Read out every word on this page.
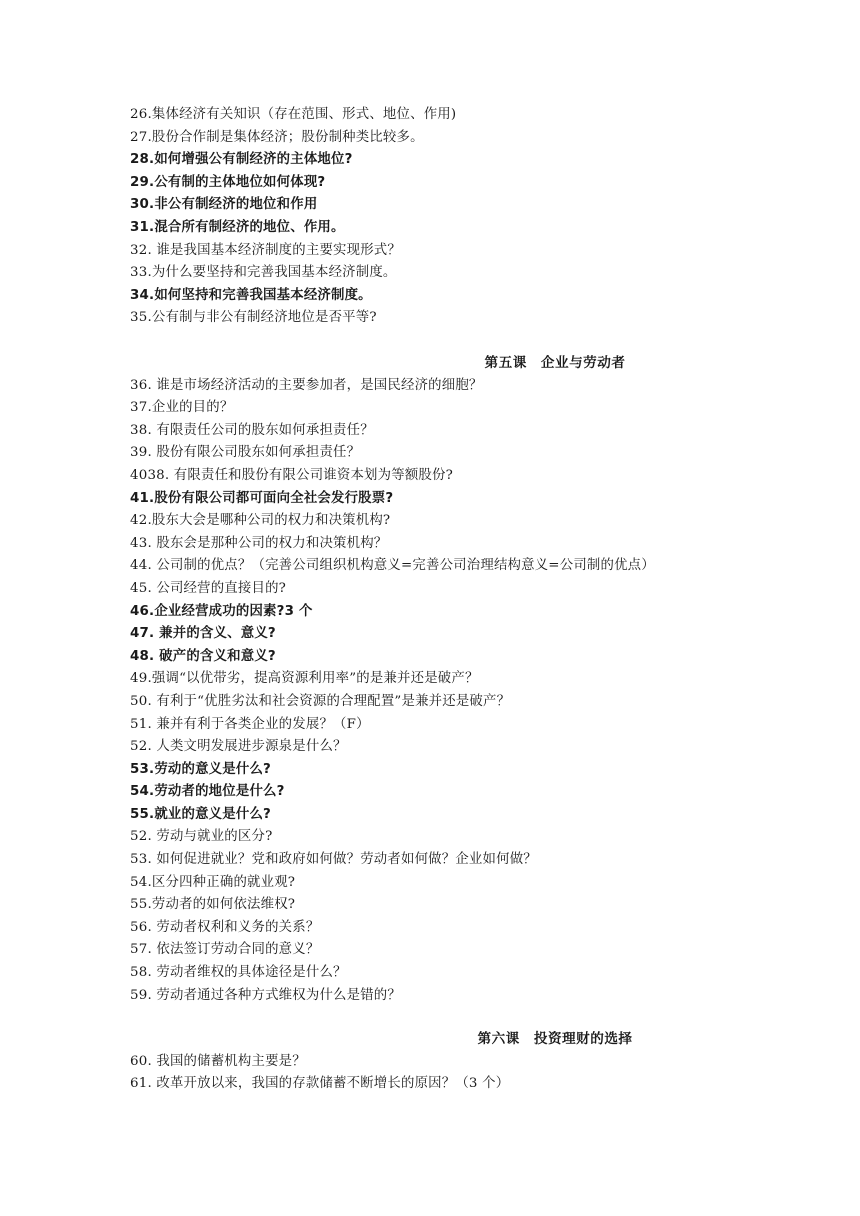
26.集体经济有关知识（存在范围、形式、地位、作用)
27.股份合作制是集体经济；股份制种类比较多。
28.如何增强公有制经济的主体地位?
29.公有制的主体地位如何体现?
30.非公有制经济的地位和作用
31.混合所有制经济的地位、作用。
32. 谁是我国基本经济制度的主要实现形式？
33.为什么要坚持和完善我国基本经济制度。
34.如何坚持和完善我国基本经济制度。
35.公有制与非公有制经济地位是否平等?
第五课　企业与劳动者
36. 谁是市场经济活动的主要参加者，是国民经济的细胞？
37.企业的目的？
38. 有限责任公司的股东如何承担责任？
39. 股份有限公司股东如何承担责任？
4038. 有限责任和股份有限公司谁资本划为等额股份?
41.股份有限公司都可面向全社会发行股票?
42.股东大会是哪种公司的权力和决策机构?
43. 股东会是那种公司的权力和决策机构？
44. 公司制的优点？（完善公司组织机构意义=完善公司治理结构意义=公司制的优点）
45. 公司经营的直接目的?
46.企业经营成功的因素?3 个
47. 兼并的含义、意义?
48. 破产的含义和意义?
49.强调“以优带劣，提高资源利用率”的是兼并还是破产？
50. 有利于“优胜劣汰和社会资源的合理配置”是兼并还是破产？
51. 兼并有利于各类企业的发展？（F）
52. 人类文明发展进步源泉是什么？
53.劳动的意义是什么?
54.劳动者的地位是什么?
55.就业的意义是什么?
52. 劳动与就业的区分?
53. 如何促进就业？党和政府如何做？劳动者如何做？企业如何做？
54.区分四种正确的就业观?
55.劳动者的如何依法维权?
56. 劳动者权利和义务的关系？
57. 依法签订劳动合同的意义？
58. 劳动者维权的具体途径是什么？
59. 劳动者通过各种方式维权为什么是错的？
第六课　投资理财的选择
60. 我国的储蓄机构主要是？
61. 改革开放以来，我国的存款储蓄不断增长的原因？（3 个）
